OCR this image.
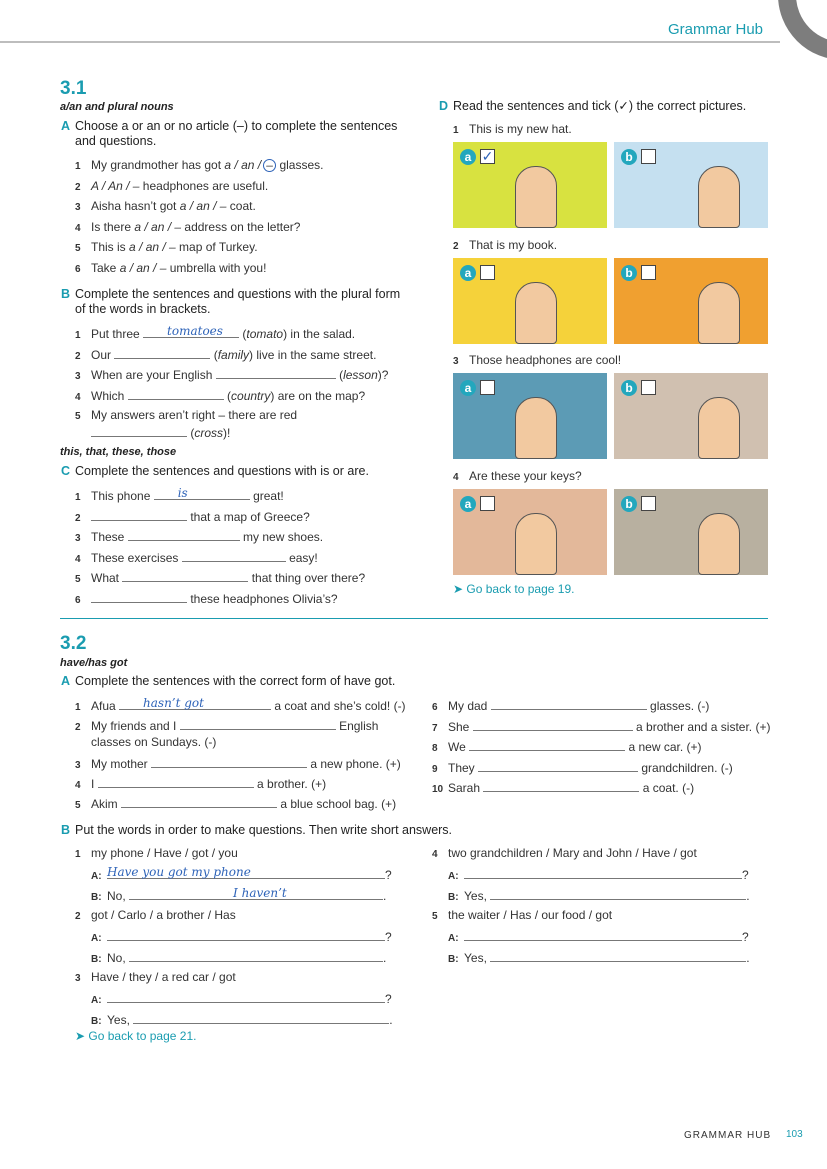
Grammar Hub
3.1
a/an and plural nouns
A Choose a or an or no article (–) to complete the sentences and questions.
1 My grandmother has got a / an / – glasses.
2 A / An / – headphones are useful.
3 Aisha hasn’t got a / an / – coat.
4 Is there a / an / – address on the letter?
5 This is a / an / – map of Turkey.
6 Take a / an / – umbrella with you!
B Complete the sentences and questions with the plural form of the words in brackets.
1 Put three tomatoes (tomato) in the salad.
2 Our	(family) live in the same street.
3 When are your English	(lesson)?
4 Which	(country) are on the map?
5 My answers aren’t right – there are red
(cross)!
this, that, these, those
C Complete the sentences and questions with is or are.
1 This phone is	great!
2	that a map of Greece?
3 These	my new shoes.
4 These exercises	easy!
5 What	that thing over there?
6	these headphones Olivia’s?
D Read the sentences and tick (✓) the correct pictures.
1 This is my new hat.
a ✓	b
2 That is my book.
a	b
3 Those headphones are cool!
a	b
4 Are these your keys?
a	b
➤ Go back to page 19.
3.2
have/has got
A Complete the sentences with the correct form of have got.
1 Afua hasn’t got	a coat and she’s cold! (-)
2 My friends and I	English
classes on Sundays. (-)
3 My mother	a new phone. (+)
4 I	a brother. (+)
5 Akim	a blue school bag. (+)
6 My dad	glasses. (-)
7 She	a brother and a sister. (+)
8 We	a new car. (+)
9 They	grandchildren. (-)
10 Sarah	a coat. (-)
B Put the words in order to make questions. Then write short answers.
1 my phone / Have / got / you
A: Have you got my phone	?
B: No,	I haven’t	.
2 got / Carlo / a brother / Has
A:	?
B: No,	.
3 Have / they / a red car / got
A:	?
B: Yes,	.
4 two grandchildren / Mary and John / Have / got
A:	?
B: Yes,	.
5 the waiter / Has / our food / got
A:	?
B: Yes,	.
➤ Go back to page 21.
GRAMMAR HUB 103
